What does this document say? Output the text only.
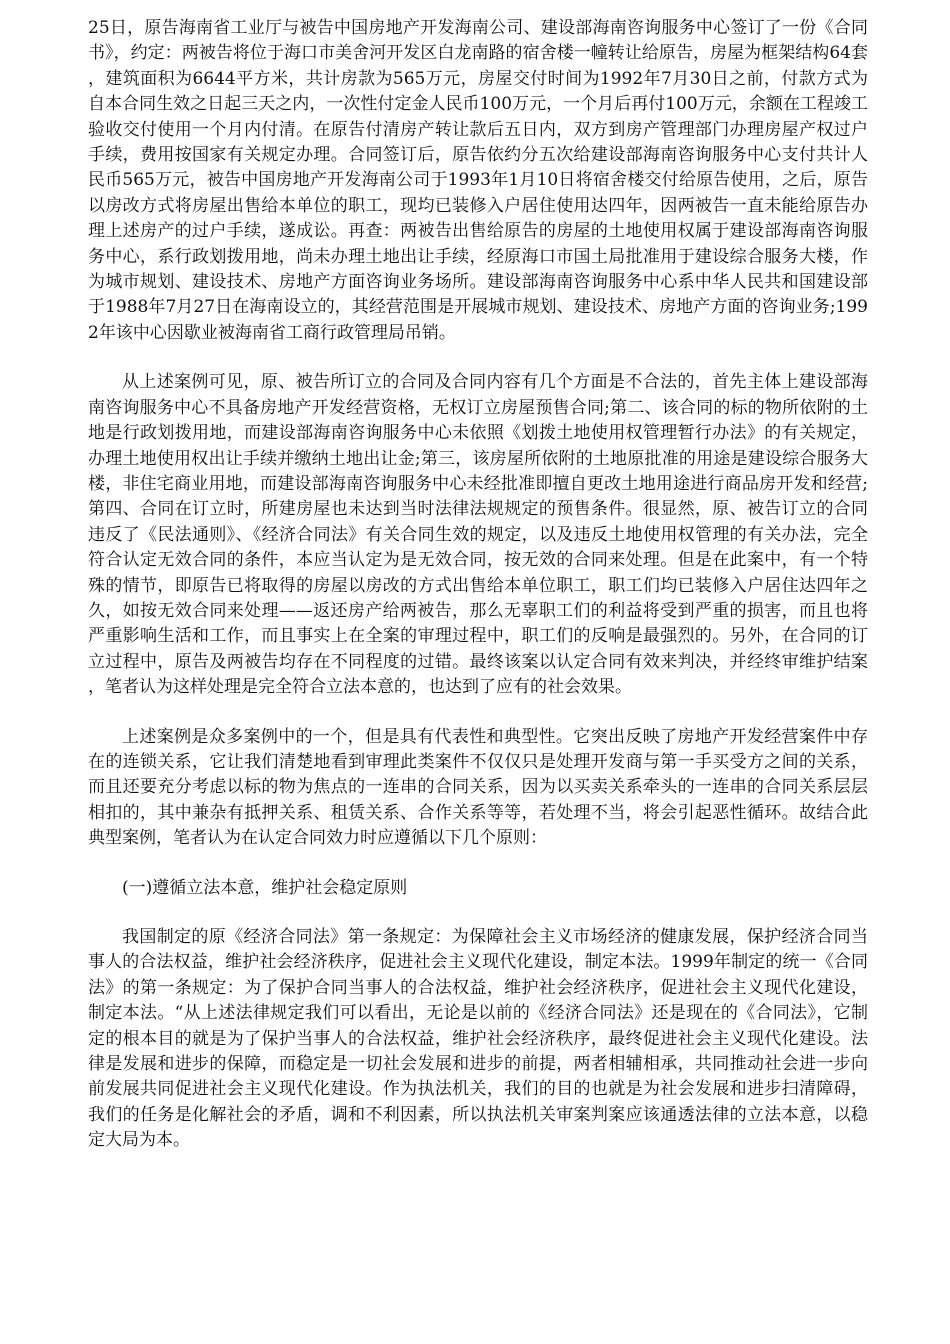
25日，原告海南省工业厅与被告中国房地产开发海南公司、建设部海南咨询服务中心签订了一份《合同书》，约定：两被告将位于海口市美舍河开发区白龙南路的宿舍楼一幢转让给原告，房屋为框架结构64套，建筑面积为6644平方米，共计房款为565万元，房屋交付时间为1992年7月30日之前，付款方式为自本合同生效之日起三天之内，一次性付定金人民币100万元，一个月后再付100万元，余额在工程竣工验收交付使用一个月内付清。在原告付清房产转让款后五日内，双方到房产管理部门办理房屋产权过户手续，费用按国家有关规定办理。合同签订后，原告依约分五次给建设部海南咨询服务中心支付共计人民币565万元，被告中国房地产开发海南公司于1993年1月10日将宿舍楼交付给原告使用，之后，原告以房改方式将房屋出售给本单位的职工，现均已装修入户居住使用达四年，因两被告一直未能给原告办理上述房产的过户手续，遂成讼。再查：两被告出售给原告的房屋的土地使用权属于建设部海南咨询服务中心，系行政划拨用地，尚未办理土地出让手续，经原海口市国土局批准用于建设综合服务大楼，作为城市规划、建设技术、房地产方面咨询业务场所。建设部海南咨询服务中心系中华人民共和国建设部于1988年7月27日在海南设立的，其经营范围是开展城市规划、建设技术、房地产方面的咨询业务;1992年该中心因歇业被海南省工商行政管理局吊销。

从上述案例可见，原、被告所订立的合同及合同内容有几个方面是不合法的，首先主体上建设部海南咨询服务中心不具备房地产开发经营资格，无权订立房屋预售合同;第二、该合同的标的物所依附的土地是行政划拨用地，而建设部海南咨询服务中心未依照《划拨土地使用权管理暂行办法》的有关规定，办理土地使用权出让手续并缴纳土地出让金;第三，该房屋所依附的土地原批准的用途是建设综合服务大楼，非住宅商业用地，而建设部海南咨询服务中心未经批准即擅自更改土地用途进行商品房开发和经营;第四、合同在订立时，所建房屋也未达到当时法律法规规定的预售条件。很显然，原、被告订立的合同违反了《民法通则》、《经济合同法》有关合同生效的规定，以及违反土地使用权管理的有关办法，完全符合认定无效合同的条件，本应当认定为是无效合同，按无效的合同来处理。但是在此案中，有一个特殊的情节，即原告已将取得的房屋以房改的方式出售给本单位职工，职工们均已装修入户居住达四年之久，如按无效合同来处理——返还房产给两被告，那么无辜职工们的利益将受到严重的损害，而且也将严重影响生活和工作，而且事实上在全案的审理过程中，职工们的反响是最强烈的。另外，在合同的订立过程中，原告及两被告均存在不同程度的过错。最终该案以认定合同有效来判决，并经终审维护结案，笔者认为这样处理是完全符合立法本意的，也达到了应有的社会效果。

上述案例是众多案例中的一个，但是具有代表性和典型性。它突出反映了房地产开发经营案件中存在的连锁关系，它让我们清楚地看到审理此类案件不仅仅只是处理开发商与第一手买受方之间的关系，而且还要充分考虑以标的物为焦点的一连串的合同关系，因为以买卖关系牵头的一连串的合同关系层层相扣的，其中兼杂有抵押关系、租赁关系、合作关系等等，若处理不当，将会引起恶性循环。故结合此典型案例，笔者认为在认定合同效力时应遵循以下几个原则：

(一)遵循立法本意，维护社会稳定原则

我国制定的原《经济合同法》第一条规定：为保障社会主义市场经济的健康发展，保护经济合同当事人的合法权益，维护社会经济秩序，促进社会主义现代化建设，制定本法。1999年制定的统一《合同法》的第一条规定：为了保护合同当事人的合法权益，维护社会经济秩序，促进社会主义现代化建设，制定本法。“从上述法律规定我们可以看出，无论是以前的《经济合同法》还是现在的《合同法》，它制定的根本目的就是为了保护当事人的合法权益，维护社会经济秩序，最终促进社会主义现代化建设。法律是发展和进步的保障，而稳定是一切社会发展和进步的前提，两者相辅相承，共同推动社会进一步向前发展共同促进社会主义现代化建设。作为执法机关，我们的目的也就是为社会发展和进步扫清障碍，我们的任务是化解社会的矛盾，调和不利因素，所以执法机关审案判案应该通透法律的立法本意，以稳定大局为本。
